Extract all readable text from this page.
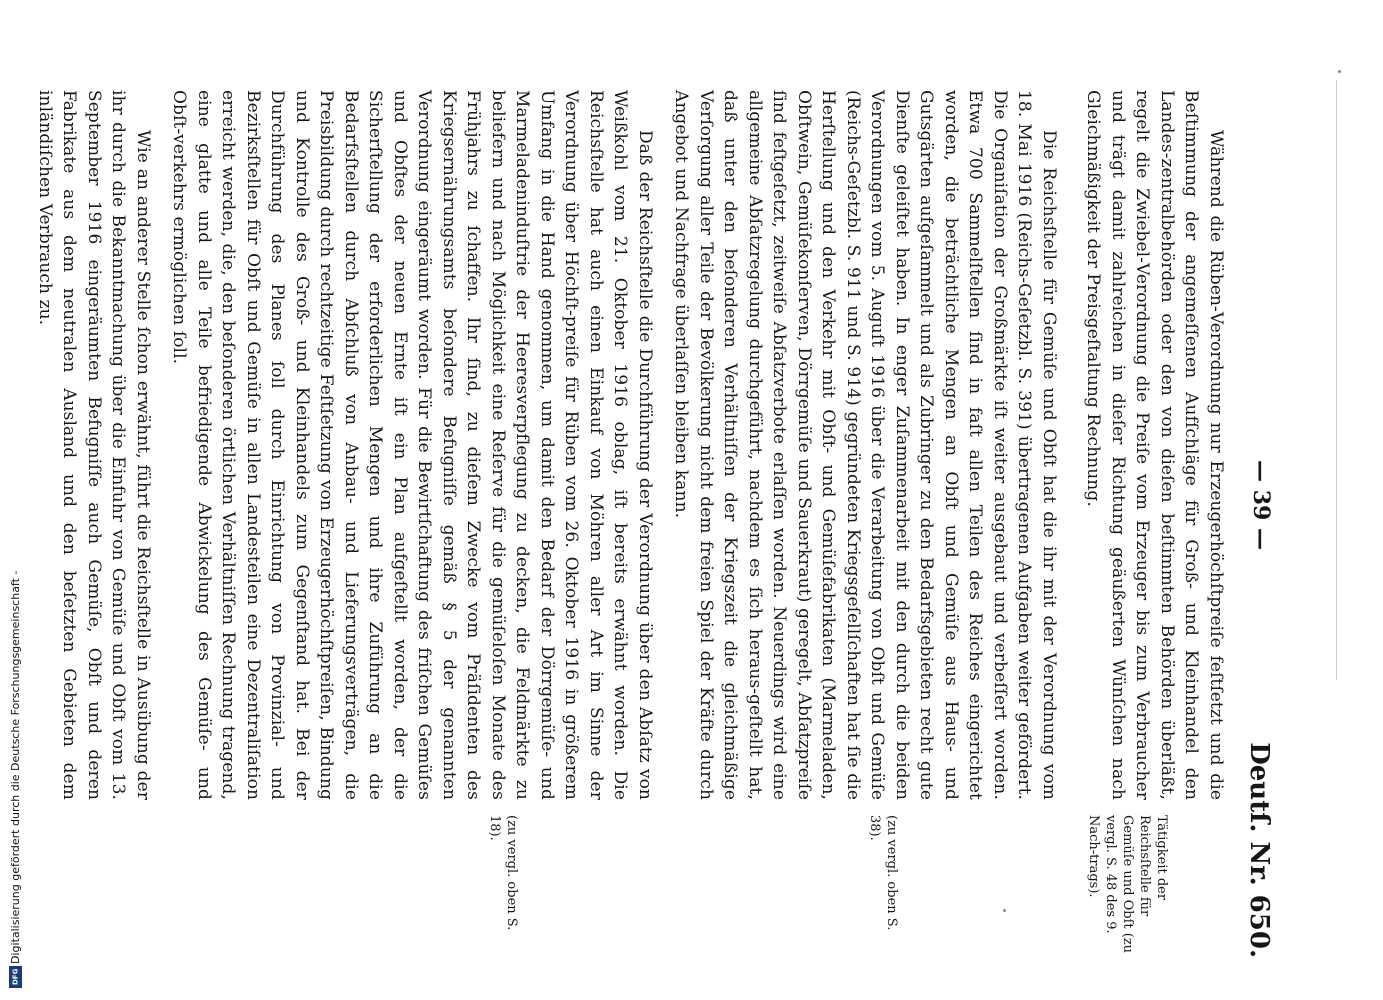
— 39 —
Deutſ. Nr. 650.

Während die Rüben‑Verordnung nur Erzeugerhöchſtpreiſe feſtſetzt und die Beſtimmung der angemeſſenen Aufſchläge für Groß‑ und Kleinhandel den Landes‑zentralbehörden oder den von dieſen beſtimmten Behörden überläßt, regelt die Zwiebel‑Verordnung die Preiſe vom Erzeuger bis zum Verbraucher und trägt damit zahlreichen in dieſer Richtung geäußerten Wünſchen nach Gleichmäßigkeit der Preisgeſtaltung Rechnung.

Die Reichsſtelle für Gemüſe und Obſt hat die ihr mit der Verordnung vom 18. Mai 1916 (Reichs‑Geſetzbl. S. 391) übertragenen Aufgaben weiter gefördert. Die Organiſation der Großmärkte iſt weiter ausgebaut und verbeſſert worden. Etwa 700 Sammelſtellen ſind in faſt allen Teilen des Reiches eingerichtet worden, die beträchtliche Mengen an Obſt und Gemüſe aus Haus‑ und Gutsgärten aufgeſammelt und als Zubringer zu den Bedarfsgebieten recht gute Dienſte geleiſtet haben. In enger Zuſammenarbeit mit den durch die beiden Verordnungen vom 5. Auguſt 1916 über die Verarbeitung von Obſt und Gemüſe (Reichs‑Geſetzbl. S. 911 und S. 914) gegründeten Kriegsgeſellſchaften hat ſie die Herſtellung und den Verkehr mit Obſt‑ und Gemüſefabrikaten (Marmeladen, Obſtwein, Gemüſekonſerven, Dörrgemüſe und Sauerkraut) geregelt, Abſatzpreiſe ſind feſtgeſetzt, zeitweiſe Abſatzverbote erlaſſen worden. Neuerdings wird eine allgemeine Abſatzregelung durchgeführt, nachdem es ſich heraus‑geſtellt hat, daß unter den beſonderen Verhältniſſen der Kriegszeit die gleichmäßige Verſorgung aller Teile der Bevölkerung nicht dem freien Spiel der Kräfte durch Angebot und Nachfrage überlaſſen bleiben kann.

Daß der Reichsſtelle die Durchführung der Verordnung über den Abſatz von Weißkohl vom 21. Oktober 1916 oblag, iſt bereits erwähnt worden. Die Reichsſtelle hat auch einen Einkauf von Möhren aller Art im Sinne der Verordnung über Höchſt‑preiſe für Rüben vom 26. Oktober 1916 in größerem Umfang in die Hand genommen, um damit den Bedarf der Dörrgemüſe‑ und Marmeladeninduſtrie der Heeresverpflegung zu decken, die Feldmärkte zu beliefern und nach Möglichkeit eine Reſerve für die gemüſeloſen Monate des Frühjahrs zu ſchaffen. Ihr ſind, zu dieſem Zwecke vom Präſidenten des Kriegsernährungsamts beſondere Befugniſſe gemäß § 5 der genannten Verordnung eingeräumt worden. Für die Bewirtſchaftung des friſchen Gemüſes und Obſtes der neuen Ernte iſt ein Plan aufgeſtellt worden, der die Sicherſtellung der erforderlichen Mengen und ihre Zuführung an die Bedarfsſtellen durch Abſchluß von Anbau‑ und Lieferungsverträgen, die Preisbildung durch rechtzeitige Feſtſetzung von Erzeugerhöchſtpreiſen, Bindung und Kontrolle des Groß‑ und Kleinhandels zum Gegenſtand hat. Bei der Durchführung des Planes ſoll durch Einrichtung von Provinzial‑ und Bezirksſtellen für Obſt und Gemüſe in allen Landesteilen eine Dezentraliſation erreicht werden, die, den beſonderen örtlichen Verhältniſſen Rechnung tragend, eine glatte und alle Teile befriedigende Abwickelung des Gemüſe‑ und Obſt‑verkehrs ermöglichen ſoll.

Wie an anderer Stelle ſchon erwähnt, führt die Reichsſtelle in Ausübung der ihr durch die Bekanntmachung über die Einfuhr von Gemüſe und Obſt vom 13. September 1916 eingeräumten Befugniſſe auch Gemüſe, Obſt und deren Fabrikate aus dem neutralen Ausland und den beſetzten Gebieten dem inländiſchen Verbrauch zu.

Tätigkeit der Reichsſtelle für Gemüſe und Obſt (zu vergl. S. 48 des 9. Nach‑trags).
(zu vergl. oben S. 38).
(zu vergl. oben S. 18).
Digitalisierung gefördert durch die Deutsche Forschungsgemeinschaft -
DFG
